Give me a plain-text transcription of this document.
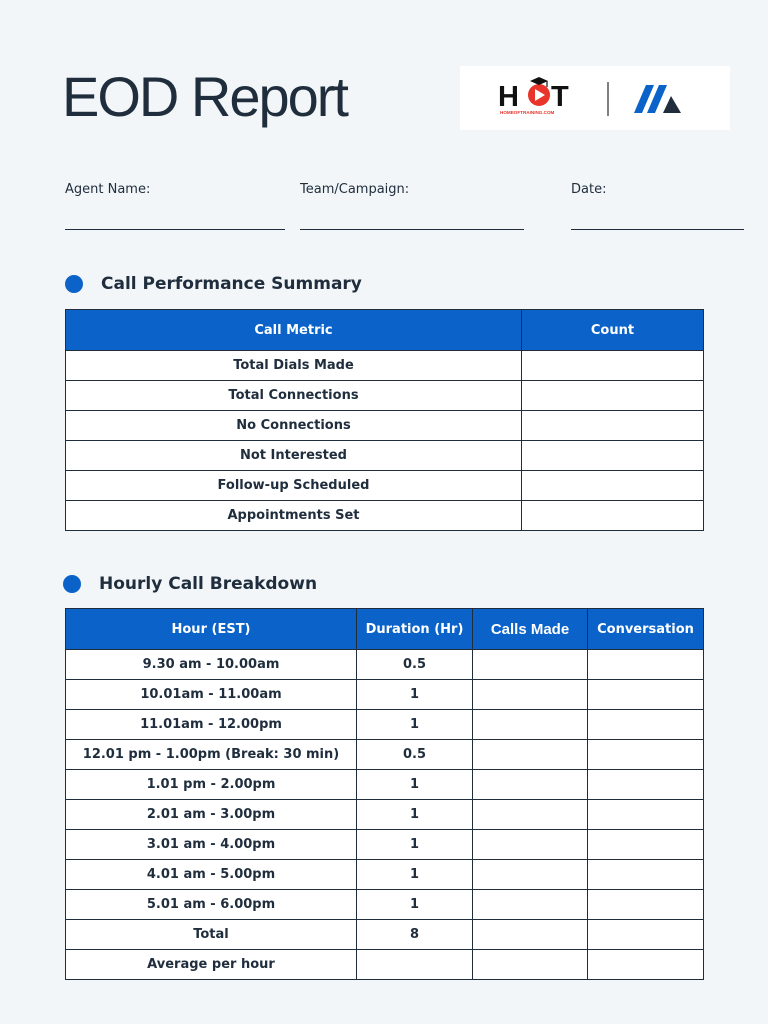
EOD Report	H T
HOMEOFTRAINING.COM
Agent Name:	Team/Campaign:	Date:
Call Performance Summary
Call Metric	Count
Total Dials Made	
Total Connections	
No Connections	
Not Interested	
Follow-up Scheduled	
Appointments Set	
Hourly Call Breakdown
Hour (EST)	Duration (Hr)	Calls Made	Conversation
9.30 am - 10.00am	0.5		
10.01am - 11.00am	1		
11.01am - 12.00pm	1		
12.01 pm - 1.00pm (Break: 30 min)	0.5		
1.01 pm - 2.00pm	1		
2.01 am - 3.00pm	1		
3.01 am - 4.00pm	1		
4.01 am - 5.00pm	1		
5.01 am - 6.00pm	1		
Total	8		
Average per hour			
